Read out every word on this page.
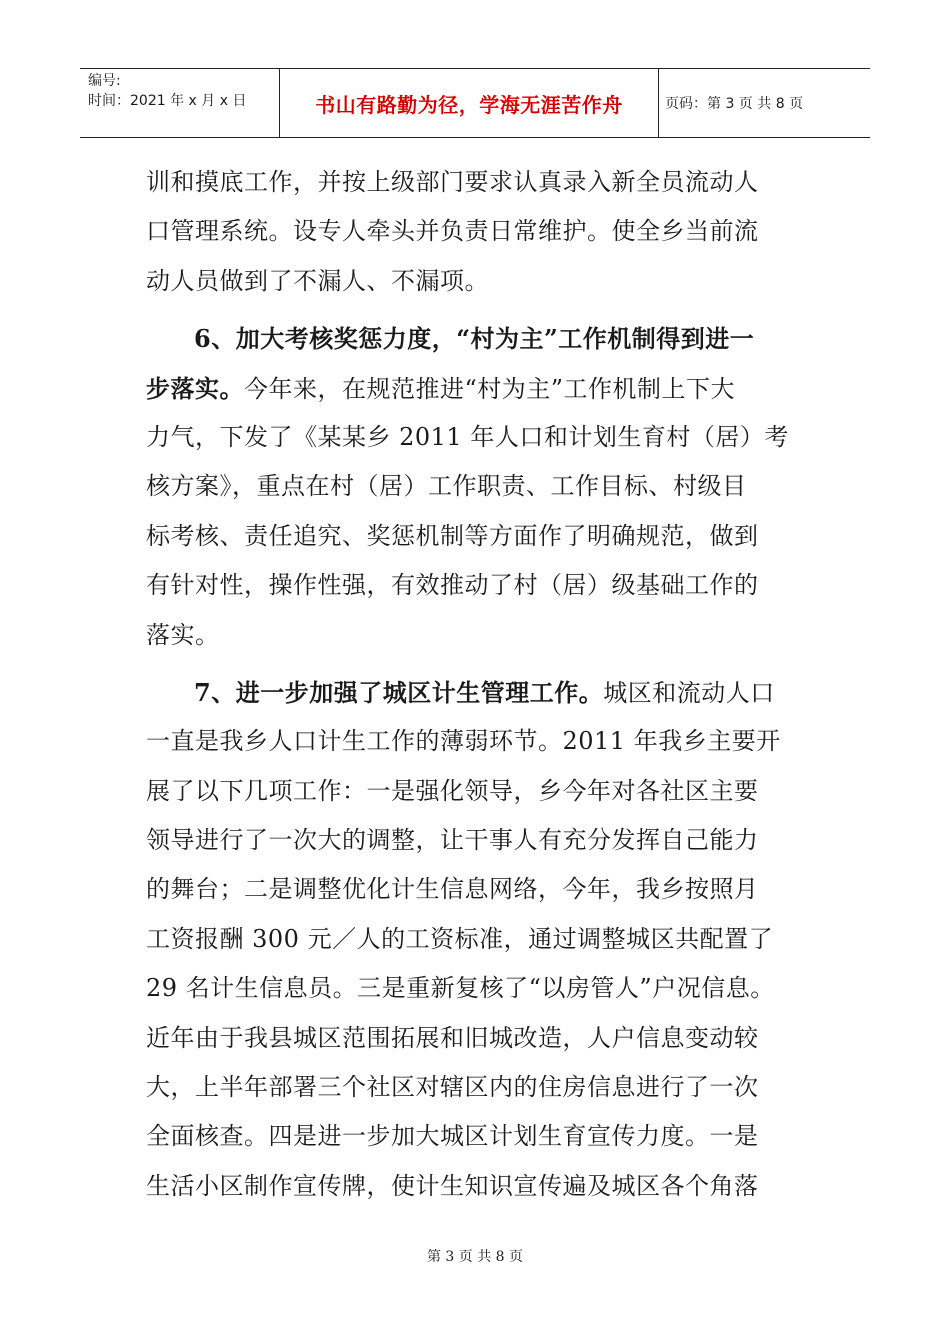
编号:
时间：2021 年 x 月 x 日	书山有路勤为径，学海无涯苦作舟	页码：第 3 页 共 8 页
训和摸底工作，并按上级部门要求认真录入新全员流动人
口管理系统。设专人牵头并负责日常维护。使全乡当前流
动人员做到了不漏人、不漏项。
6、加大考核奖惩力度，“村为主”工作机制得到进一
步落实。今年来，在规范推进“村为主”工作机制上下大
力气，下发了《某某乡 2011 年人口和计划生育村（居）考
核方案》，重点在村（居）工作职责、工作目标、村级目
标考核、责任追究、奖惩机制等方面作了明确规范，做到
有针对性，操作性强，有效推动了村（居）级基础工作的
落实。
7、进一步加强了城区计生管理工作。城区和流动人口
一直是我乡人口计生工作的薄弱环节。2011 年我乡主要开
展了以下几项工作：一是强化领导，乡今年对各社区主要
领导进行了一次大的调整，让干事人有充分发挥自己能力
的舞台；二是调整优化计生信息网络，今年，我乡按照月
工资报酬 300 元／人的工资标准，通过调整城区共配置了
29 名计生信息员。三是重新复核了“以房管人”户况信息。
近年由于我县城区范围拓展和旧城改造，人户信息变动较
大，上半年部署三个社区对辖区内的住房信息进行了一次
全面核查。四是进一步加大城区计划生育宣传力度。一是
生活小区制作宣传牌，使计生知识宣传遍及城区各个角落
第 3 页 共 8 页
